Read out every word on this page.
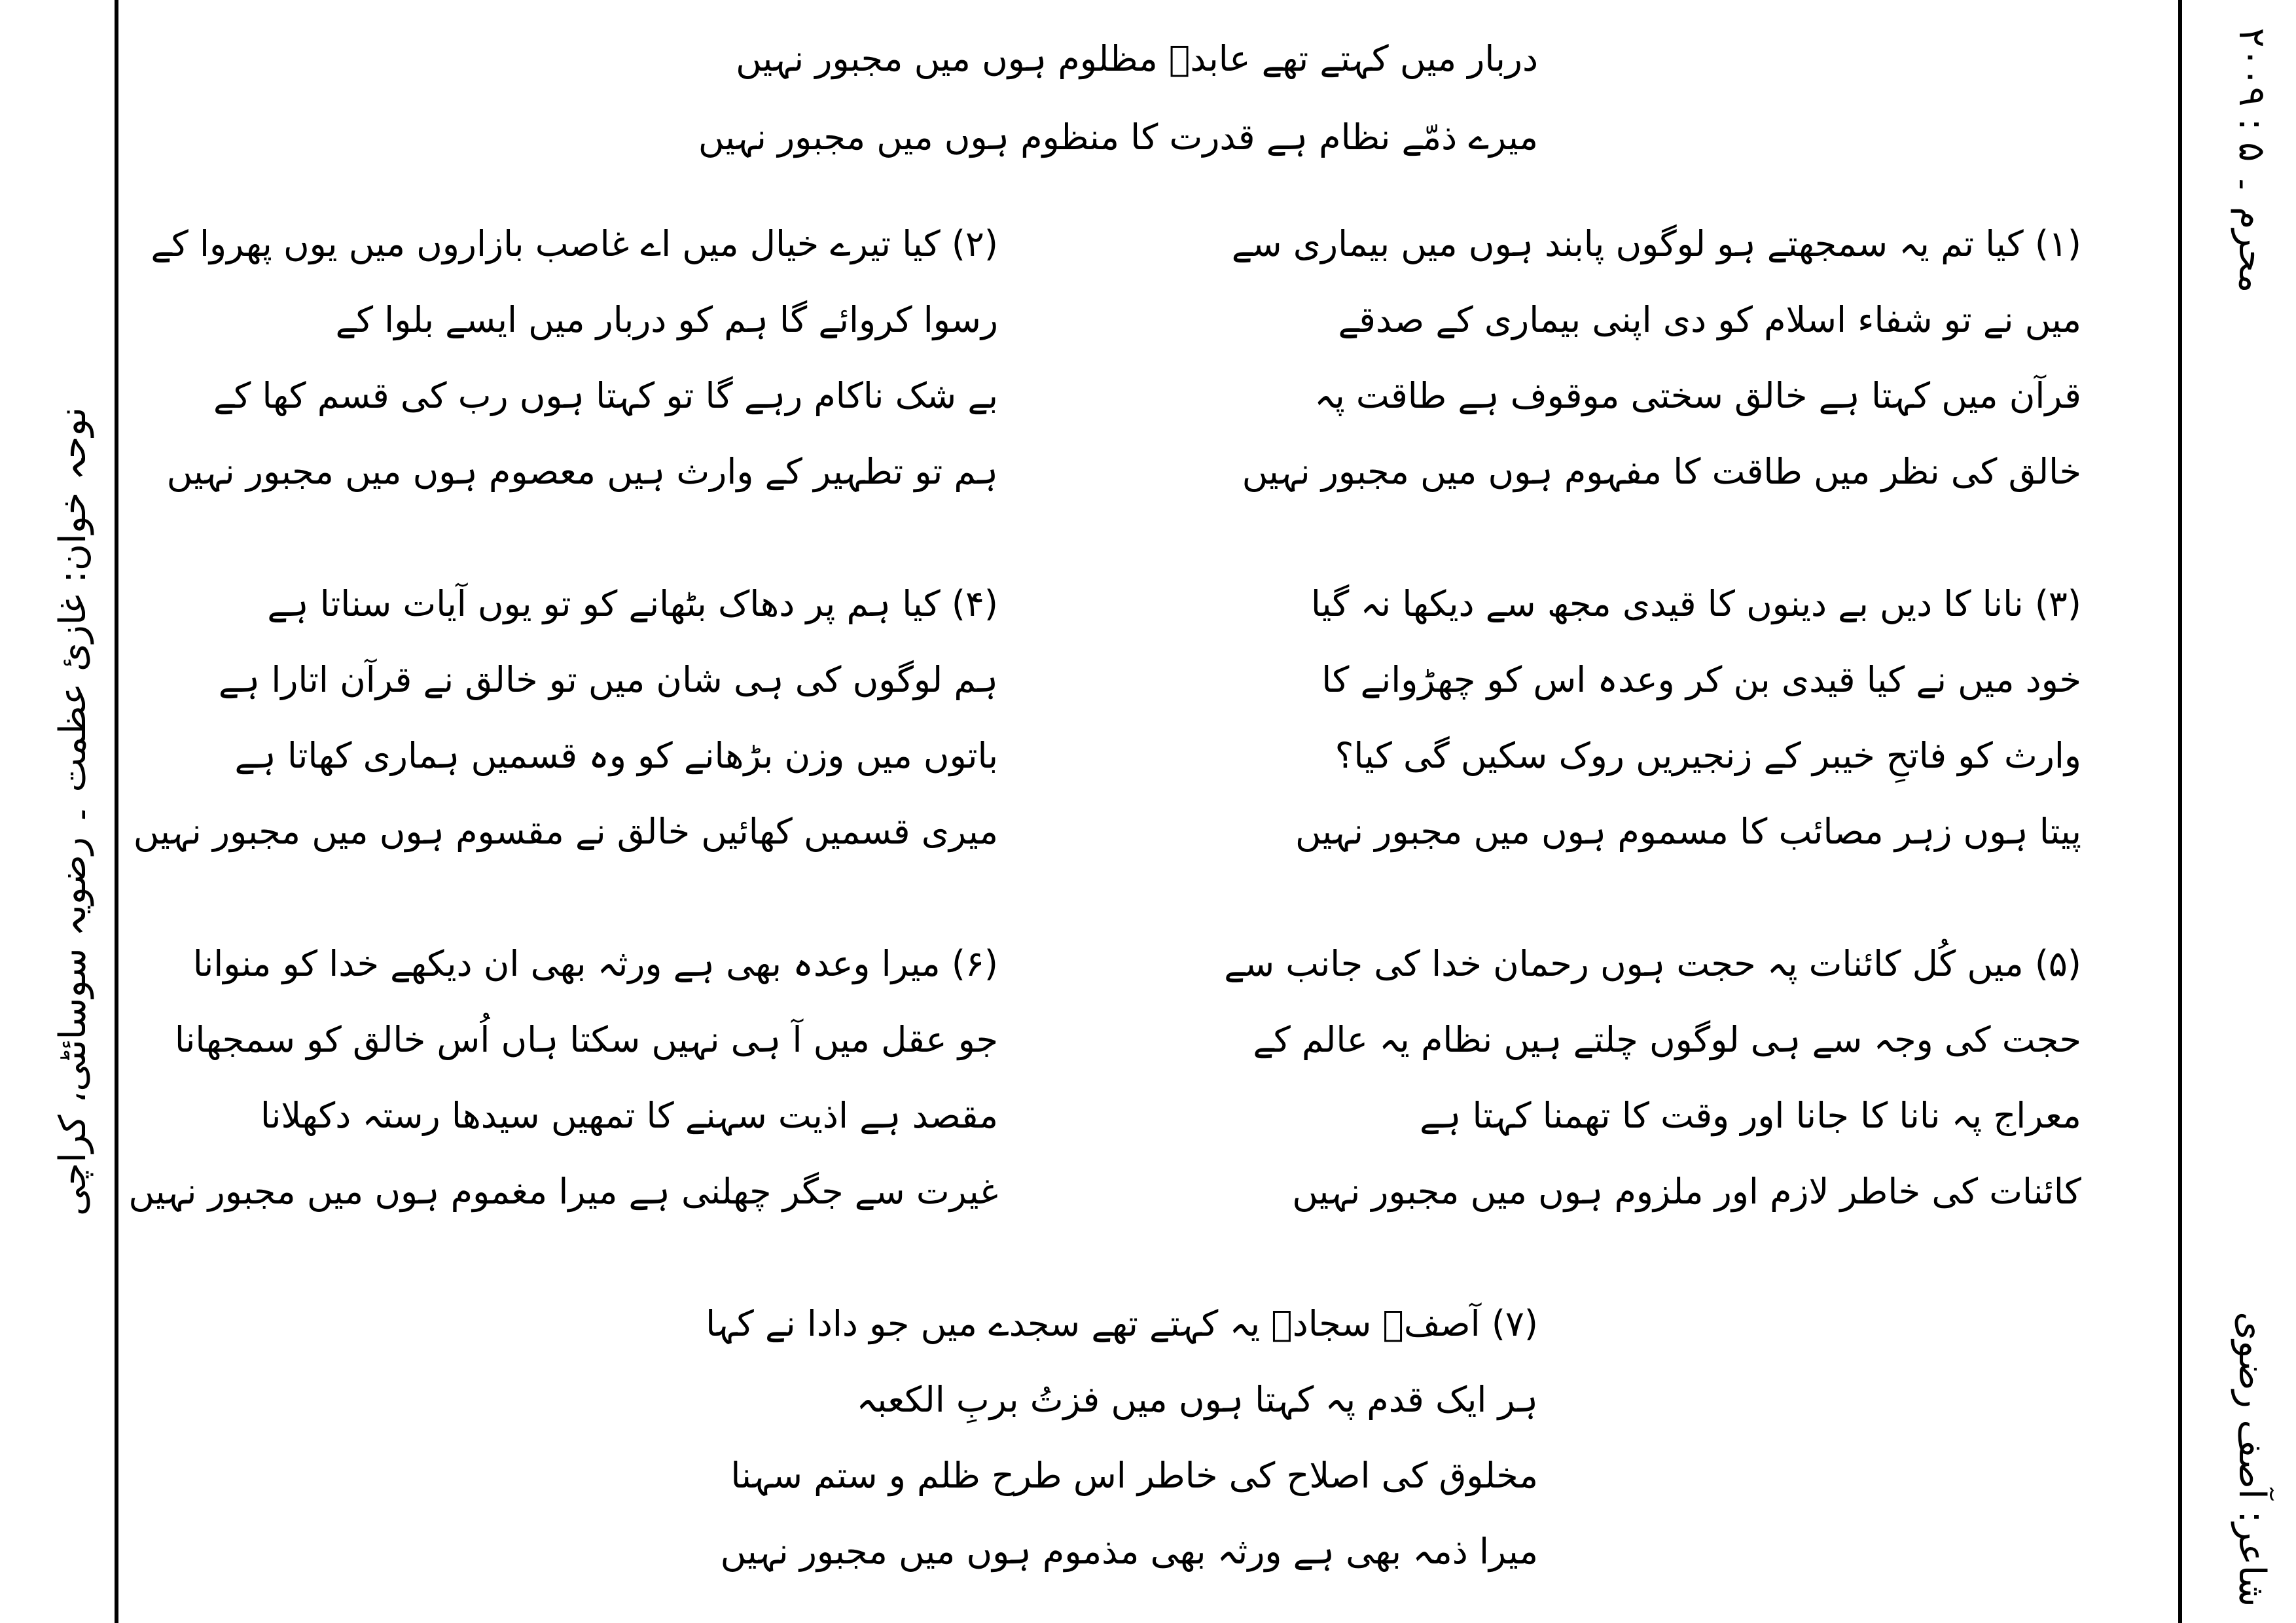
نوحہ خوان: غازیٔ عظمت ۔ رضویہ سوسائٹی، کراچی
محرم ۔ ۵ : ۲۰۰۹
شاعر: آصف رضوی
دربار میں کہتے تھے عابدؑ مظلوم ہوں میں مجبور نہیں
میرے ذمّے نظام ہے قدرت کا منظوم ہوں میں مجبور نہیں
(۱) کیا تم یہ سمجھتے ہو لوگوں پابند ہوں میں بیماری سے
میں نے تو شفاء اسلام کو دی اپنی بیماری کے صدقے
قرآن میں کہتا ہے خالق سختی موقوف ہے طاقت پہ
خالق کی نظر میں طاقت کا مفہوم ہوں میں مجبور نہیں
(۲) کیا تیرے خیال میں اے غاصب بازاروں میں یوں پھروا کے
رسوا کروائے گا ہم کو دربار میں ایسے بلوا کے
بے شک ناکام رہے گا تو کہتا ہوں رب کی قسم کھا کے
ہم تو تطہیر کے وارث ہیں معصوم ہوں میں مجبور نہیں
(۳) نانا کا دیں بے دینوں کا قیدی مجھ سے دیکھا نہ گیا
خود میں نے کیا قیدی بن کر وعدہ اس کو چھڑوانے کا
وارث کو فاتحِ خیبر کے زنجیریں روک سکیں گی کیا؟
پیتا ہوں زہر مصائب کا مسموم ہوں میں مجبور نہیں
(۴) کیا ہم پر دھاک بٹھانے کو تو یوں آیات سناتا ہے
ہم لوگوں کی ہی شان میں تو خالق نے قرآن اتارا ہے
باتوں میں وزن بڑھانے کو وہ قسمیں ہماری کھاتا ہے
میری قسمیں کھائیں خالق نے مقسوم ہوں میں مجبور نہیں
(۵) میں کُل کائنات پہ حجت ہوں رحمان خدا کی جانب سے
حجت کی وجہ سے ہی لوگوں چلتے ہیں نظام یہ عالم کے
معراج پہ نانا کا جانا اور وقت کا تھمنا کہتا ہے
کائنات کی خاطر لازم اور ملزوم ہوں میں مجبور نہیں
(۶) میرا وعدہ بھی ہے ورثہ بھی ان دیکھے خدا کو منوانا
جو عقل میں آ ہی نہیں سکتا ہاں اُس خالق کو سمجھانا
مقصد ہے اذیت سہنے کا تمھیں سیدھا رستہ دکھلانا
غیرت سے جگر چھلنی ہے میرا مغموم ہوں میں مجبور نہیں
(۷) آصفؔ سجادؑ یہ کہتے تھے سجدے میں جو دادا نے کہا
ہر ایک قدم پہ کہتا ہوں میں فزتُ بربِ الکعبہ
مخلوق کی اصلاح کی خاطر اس طرح ظلم و ستم سہنا
میرا ذمہ بھی ہے ورثہ بھی مذموم ہوں میں مجبور نہیں
